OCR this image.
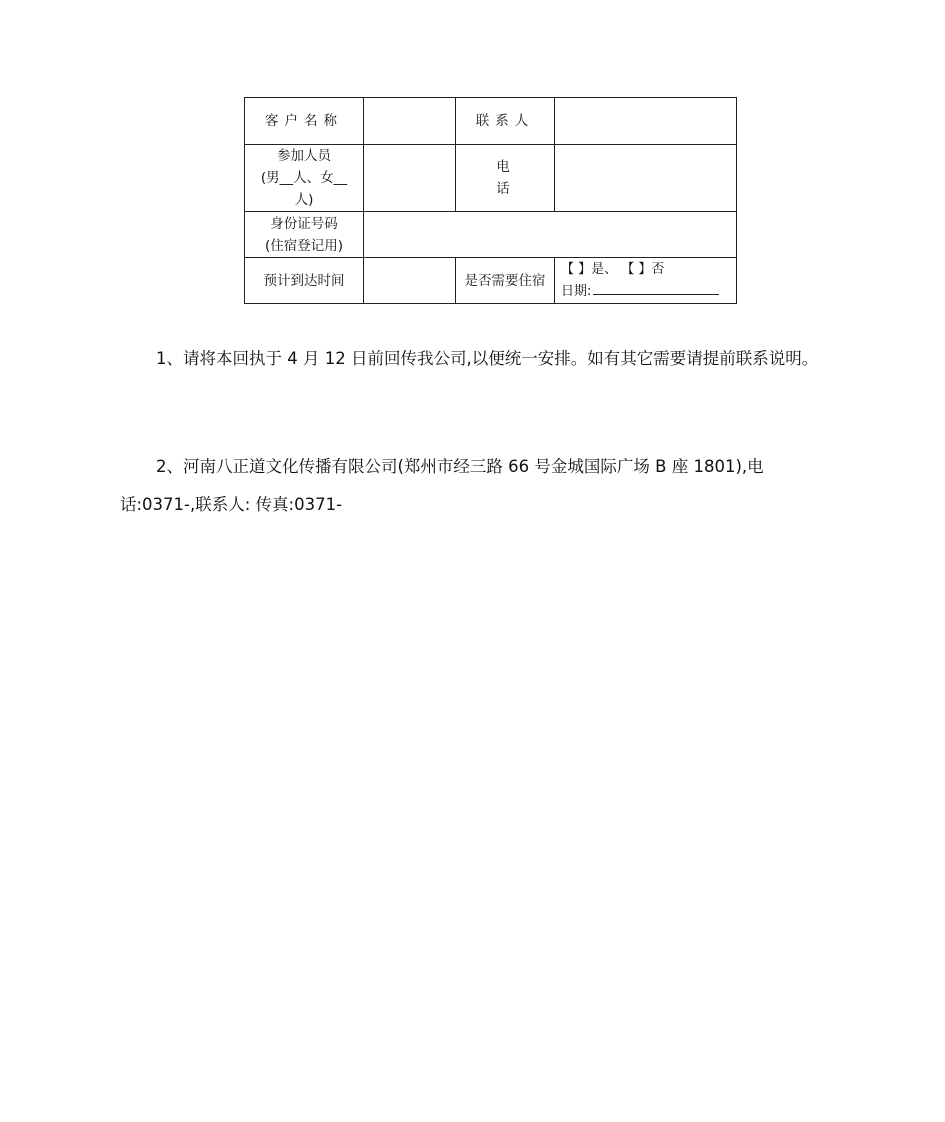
客户名称		联系人	

参加人员
(男__人、女__
人)		电 话	

身份证号码
(住宿登记用)			

预计到达时间		是否需要住宿	【 】是、 【 】否
日期:

1、请将本回执于 4 月 12 日前回传我公司,以便统一安排。如有其它需要请提前联系说明。

2、河南八正道文化传播有限公司(郑州市经三路 66 号金城国际广场 B 座 1801),电话:0371-,联系人: 传真:0371-
